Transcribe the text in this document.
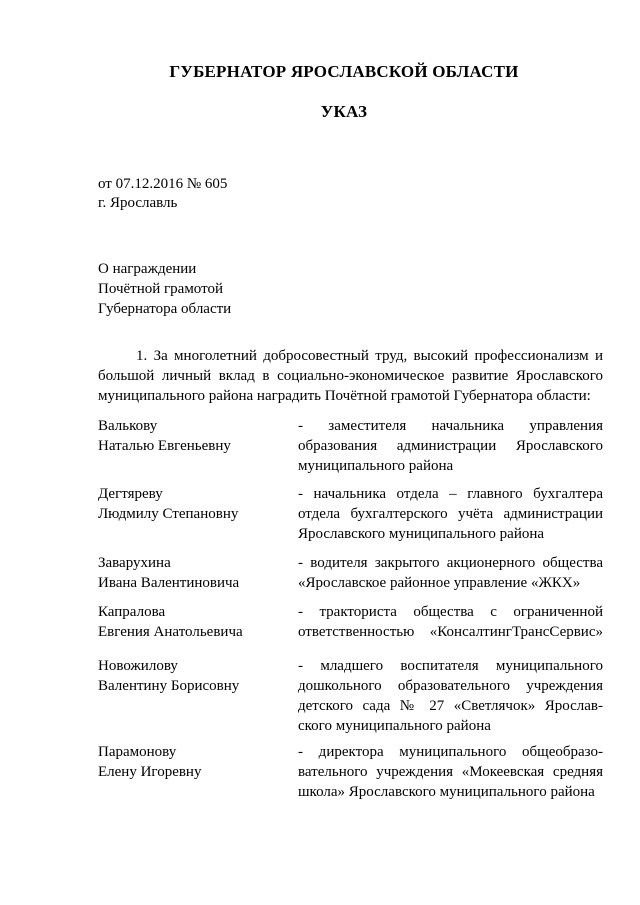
ГУБЕРНАТОР ЯРОСЛАВСКОЙ ОБЛАСТИ
УКАЗ
от 07.12.2016 № 605
г. Ярославль
О награждении
Почётной грамотой
Губернатора области
1. За многолетний добросовестный труд, высокий профессионализм и большой личный вклад в социально-экономическое развитие Ярославского муниципального района наградить Почётной грамотой Губернатора области:
Валькову
Наталью Евгеньевну
- заместителя начальника управления
образования администрации Ярославского
муниципального района
Дегтяреву
Людмилу Степановну
- начальника отдела – главного бухгалтера
отдела бухгалтерского учёта администрации
Ярославского муниципального района
Заварухина
Ивана Валентиновича
- водителя закрытого акционерного общества
«Ярославское районное управление «ЖКХ»
Капралова
Евгения Анатольевича
- тракториста общества с ограниченной
ответственностью «КонсалтингТрансСервис»
Новожилову
Валентину Борисовну
- младшего воспитателя муниципального
дошкольного образовательного учреждения
детского сада № 27 «Светлячок» Ярослав-
ского муниципального района
Парамонову
Елену Игоревну
- директора муниципального общеобразо-
вательного учреждения «Мокеевская средняя
школа» Ярославского муниципального района
